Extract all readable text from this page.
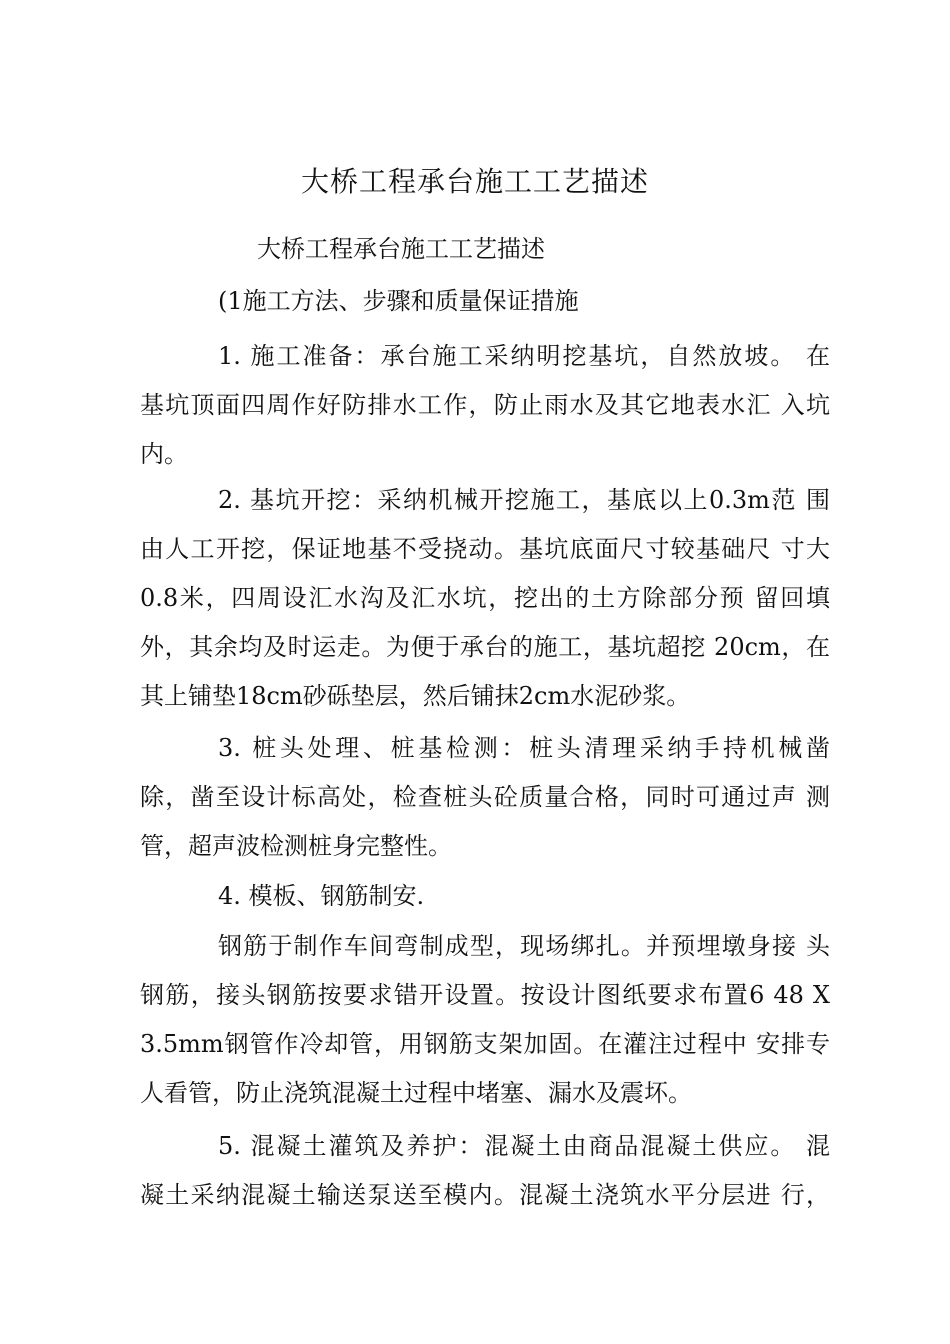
大桥工程承台施工工艺描述
大桥工程承台施工工艺描述
(1施工方法、步骤和质量保证措施
1. 施工准备：承台施工采纳明挖基坑，自然放坡。 在
基坑顶面四周作好防排水工作，防止雨水及其它地表水汇 入坑
内。
2. 基坑开挖：采纳机械开挖施工，基底以上0.3m范 围
由人工开挖，保证地基不受挠动。基坑底面尺寸较基础尺 寸大
0.8米，四周设汇水沟及汇水坑，挖出的土方除部分预 留回填
外，其余均及时运走。为便于承台的施工，基坑超挖 20cm，在
其上铺垫18cm砂砾垫层，然后铺抹2cm水泥砂浆。
3. 桩头处理、桩基检测：桩头清理采纳手持机械凿
除，凿至设计标高处，检查桩头砼质量合格，同时可通过声 测
管，超声波检测桩身完整性。
4. 模板、钢筋制安.
钢筋于制作车间弯制成型，现场绑扎。并预埋墩身接 头
钢筋，接头钢筋按要求错开设置。按设计图纸要求布置6 48 X
3.5mm钢管作冷却管，用钢筋支架加固。在灌注过程中 安排专
人看管，防止浇筑混凝土过程中堵塞、漏水及震坏。
5. 混凝土灌筑及养护：混凝土由商品混凝土供应。 混
凝土采纳混凝土输送泵送至模内。混凝土浇筑水平分层进 行，
